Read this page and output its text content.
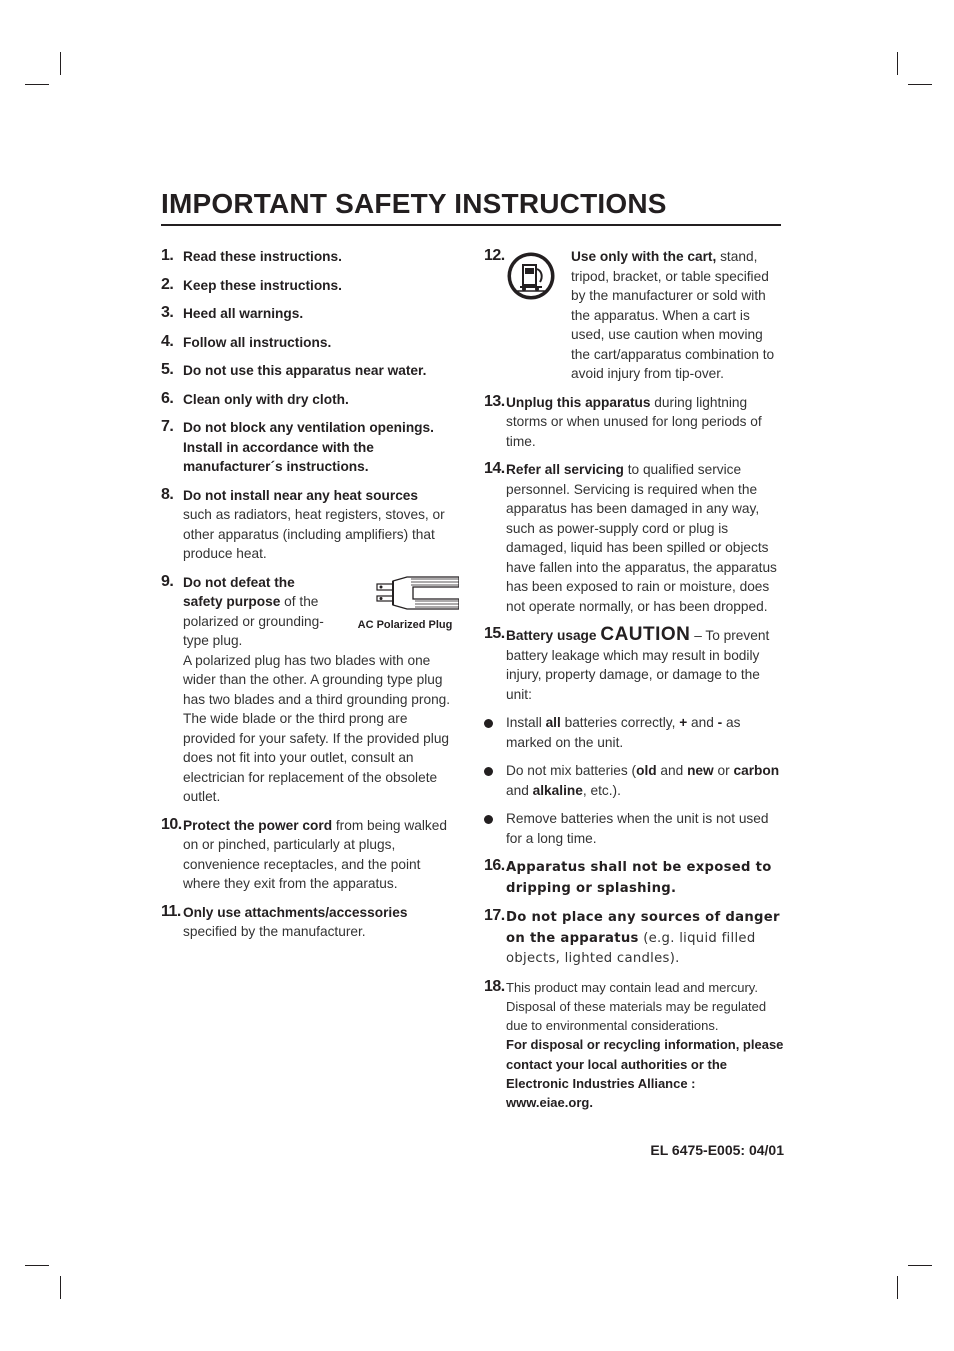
IMPORTANT SAFETY INSTRUCTIONS
1. Read these instructions.
2. Keep these instructions.
3. Heed all warnings.
4. Follow all instructions.
5. Do not use this apparatus near water.
6. Clean only with dry cloth.
7. Do not block any ventilation openings. Install in accordance with the manufacturer´s instructions.
8. Do not install near any heat sources
such as radiators, heat registers, stoves, or other apparatus (including amplifiers) that produce heat.
9.
AC Polarized Plug
Do not defeat the safety purpose of the polarized or grounding-type plug.
A polarized plug has two blades with one wider than the other. A grounding type plug has two blades and a third grounding prong. The wide blade or the third prong are provided for your safety. If the provided plug does not fit into your outlet, consult an electrician for replacement of the obsolete outlet.
10. Protect the power cord from being walked on or pinched, particularly at plugs, convenience receptacles, and the point where they exit from the apparatus.
11. Only use attachments/accessories
specified by the manufacturer.
12.	Use only with the cart, stand, tripod, bracket, or table specified by the manufacturer or sold with the apparatus. When a cart is used, use caution when moving the cart/apparatus combination to avoid injury from tip-over.
13. Unplug this apparatus during lightning storms or when unused for long periods of time.
14. Refer all servicing to qualified service personnel. Servicing is required when the apparatus has been damaged in any way, such as power-supply cord or plug is damaged, liquid has been spilled or objects have fallen into the apparatus, the apparatus has been exposed to rain or moisture, does not operate normally, or has been dropped.
15. Battery usage CAUTION – To prevent battery leakage which may result in bodily injury, property damage, or damage to the unit:
Install all batteries correctly, + and - as marked on the unit.
Do not mix batteries (old and new or carbon and alkaline, etc.).
Remove batteries when the unit is not used for a long time.
16. Apparatus shall not be exposed to dripping or splashing.
17. Do not place any sources of danger on the apparatus (e.g. liquid filled objects, lighted candles).
18. This product may contain lead and mercury. Disposal of these materials may be regulated due to environmental considerations.
For disposal or recycling information, please contact your local authorities or the Electronic Industries Alliance : www.eiae.org.
EL 6475-E005: 04/01
